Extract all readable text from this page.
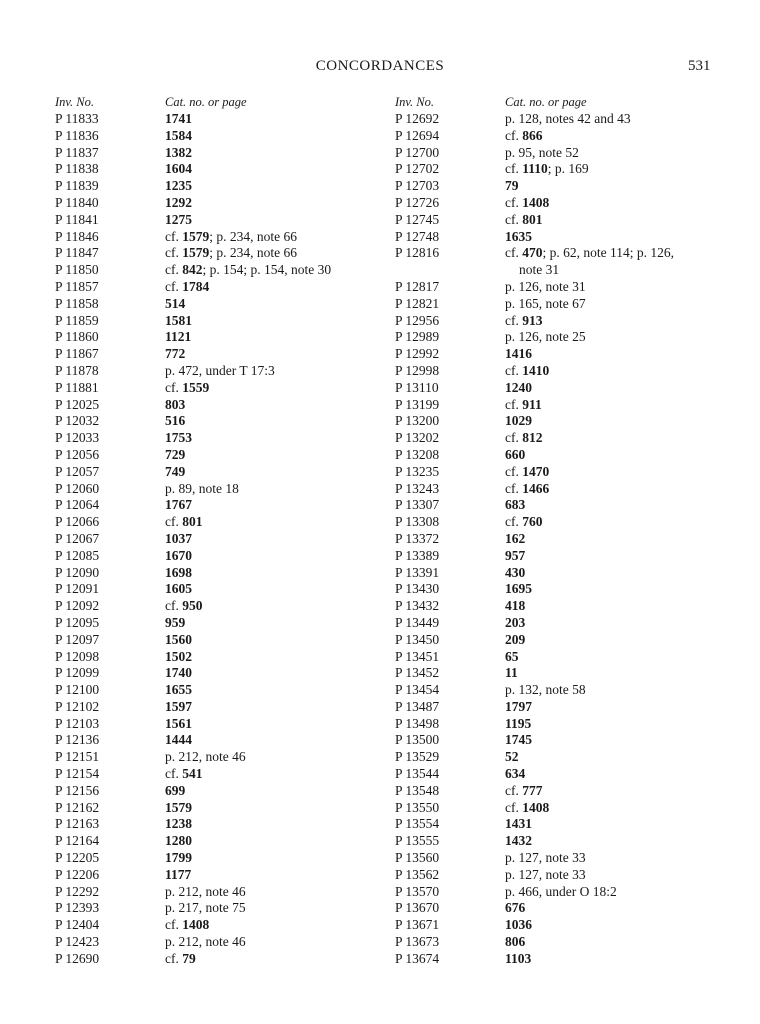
CONCORDANCES	531
Inv. No.	Cat. no. or page
P 11833	1741
P 11836	1584
P 11837	1382
P 11838	1604
P 11839	1235
P 11840	1292
P 11841	1275
P 11846	cf. 1579; p. 234, note 66
P 11847	cf. 1579; p. 234, note 66
P 11850	cf. 842; p. 154; p. 154, note 30
P 11857	cf. 1784
P 11858	514
P 11859	1581
P 11860	1121
P 11867	772
P 11878	p. 472, under T 17:3
P 11881	cf. 1559
P 12025	803
P 12032	516
P 12033	1753
P 12056	729
P 12057	749
P 12060	p. 89, note 18
P 12064	1767
P 12066	cf. 801
P 12067	1037
P 12085	1670
P 12090	1698
P 12091	1605
P 12092	cf. 950
P 12095	959
P 12097	1560
P 12098	1502
P 12099	1740
P 12100	1655
P 12102	1597
P 12103	1561
P 12136	1444
P 12151	p. 212, note 46
P 12154	cf. 541
P 12156	699
P 12162	1579
P 12163	1238
P 12164	1280
P 12205	1799
P 12206	1177
P 12292	p. 212, note 46
P 12393	p. 217, note 75
P 12404	cf. 1408
P 12423	p. 212, note 46
P 12690	cf. 79
Inv. No.	Cat. no. or page
P 12692	p. 128, notes 42 and 43
P 12694	cf. 866
P 12700	p. 95, note 52
P 12702	cf. 1110; p. 169
P 12703	79
P 12726	cf. 1408
P 12745	cf. 801
P 12748	1635
P 12816	cf. 470; p. 62, note 114; p. 126,
note 31
P 12817	p. 126, note 31
P 12821	p. 165, note 67
P 12956	cf. 913
P 12989	p. 126, note 25
P 12992	1416
P 12998	cf. 1410
P 13110	1240
P 13199	cf. 911
P 13200	1029
P 13202	cf. 812
P 13208	660
P 13235	cf. 1470
P 13243	cf. 1466
P 13307	683
P 13308	cf. 760
P 13372	162
P 13389	957
P 13391	430
P 13430	1695
P 13432	418
P 13449	203
P 13450	209
P 13451	65
P 13452	11
P 13454	p. 132, note 58
P 13487	1797
P 13498	1195
P 13500	1745
P 13529	52
P 13544	634
P 13548	cf. 777
P 13550	cf. 1408
P 13554	1431
P 13555	1432
P 13560	p. 127, note 33
P 13562	p. 127, note 33
P 13570	p. 466, under O 18:2
P 13670	676
P 13671	1036
P 13673	806
P 13674	1103
